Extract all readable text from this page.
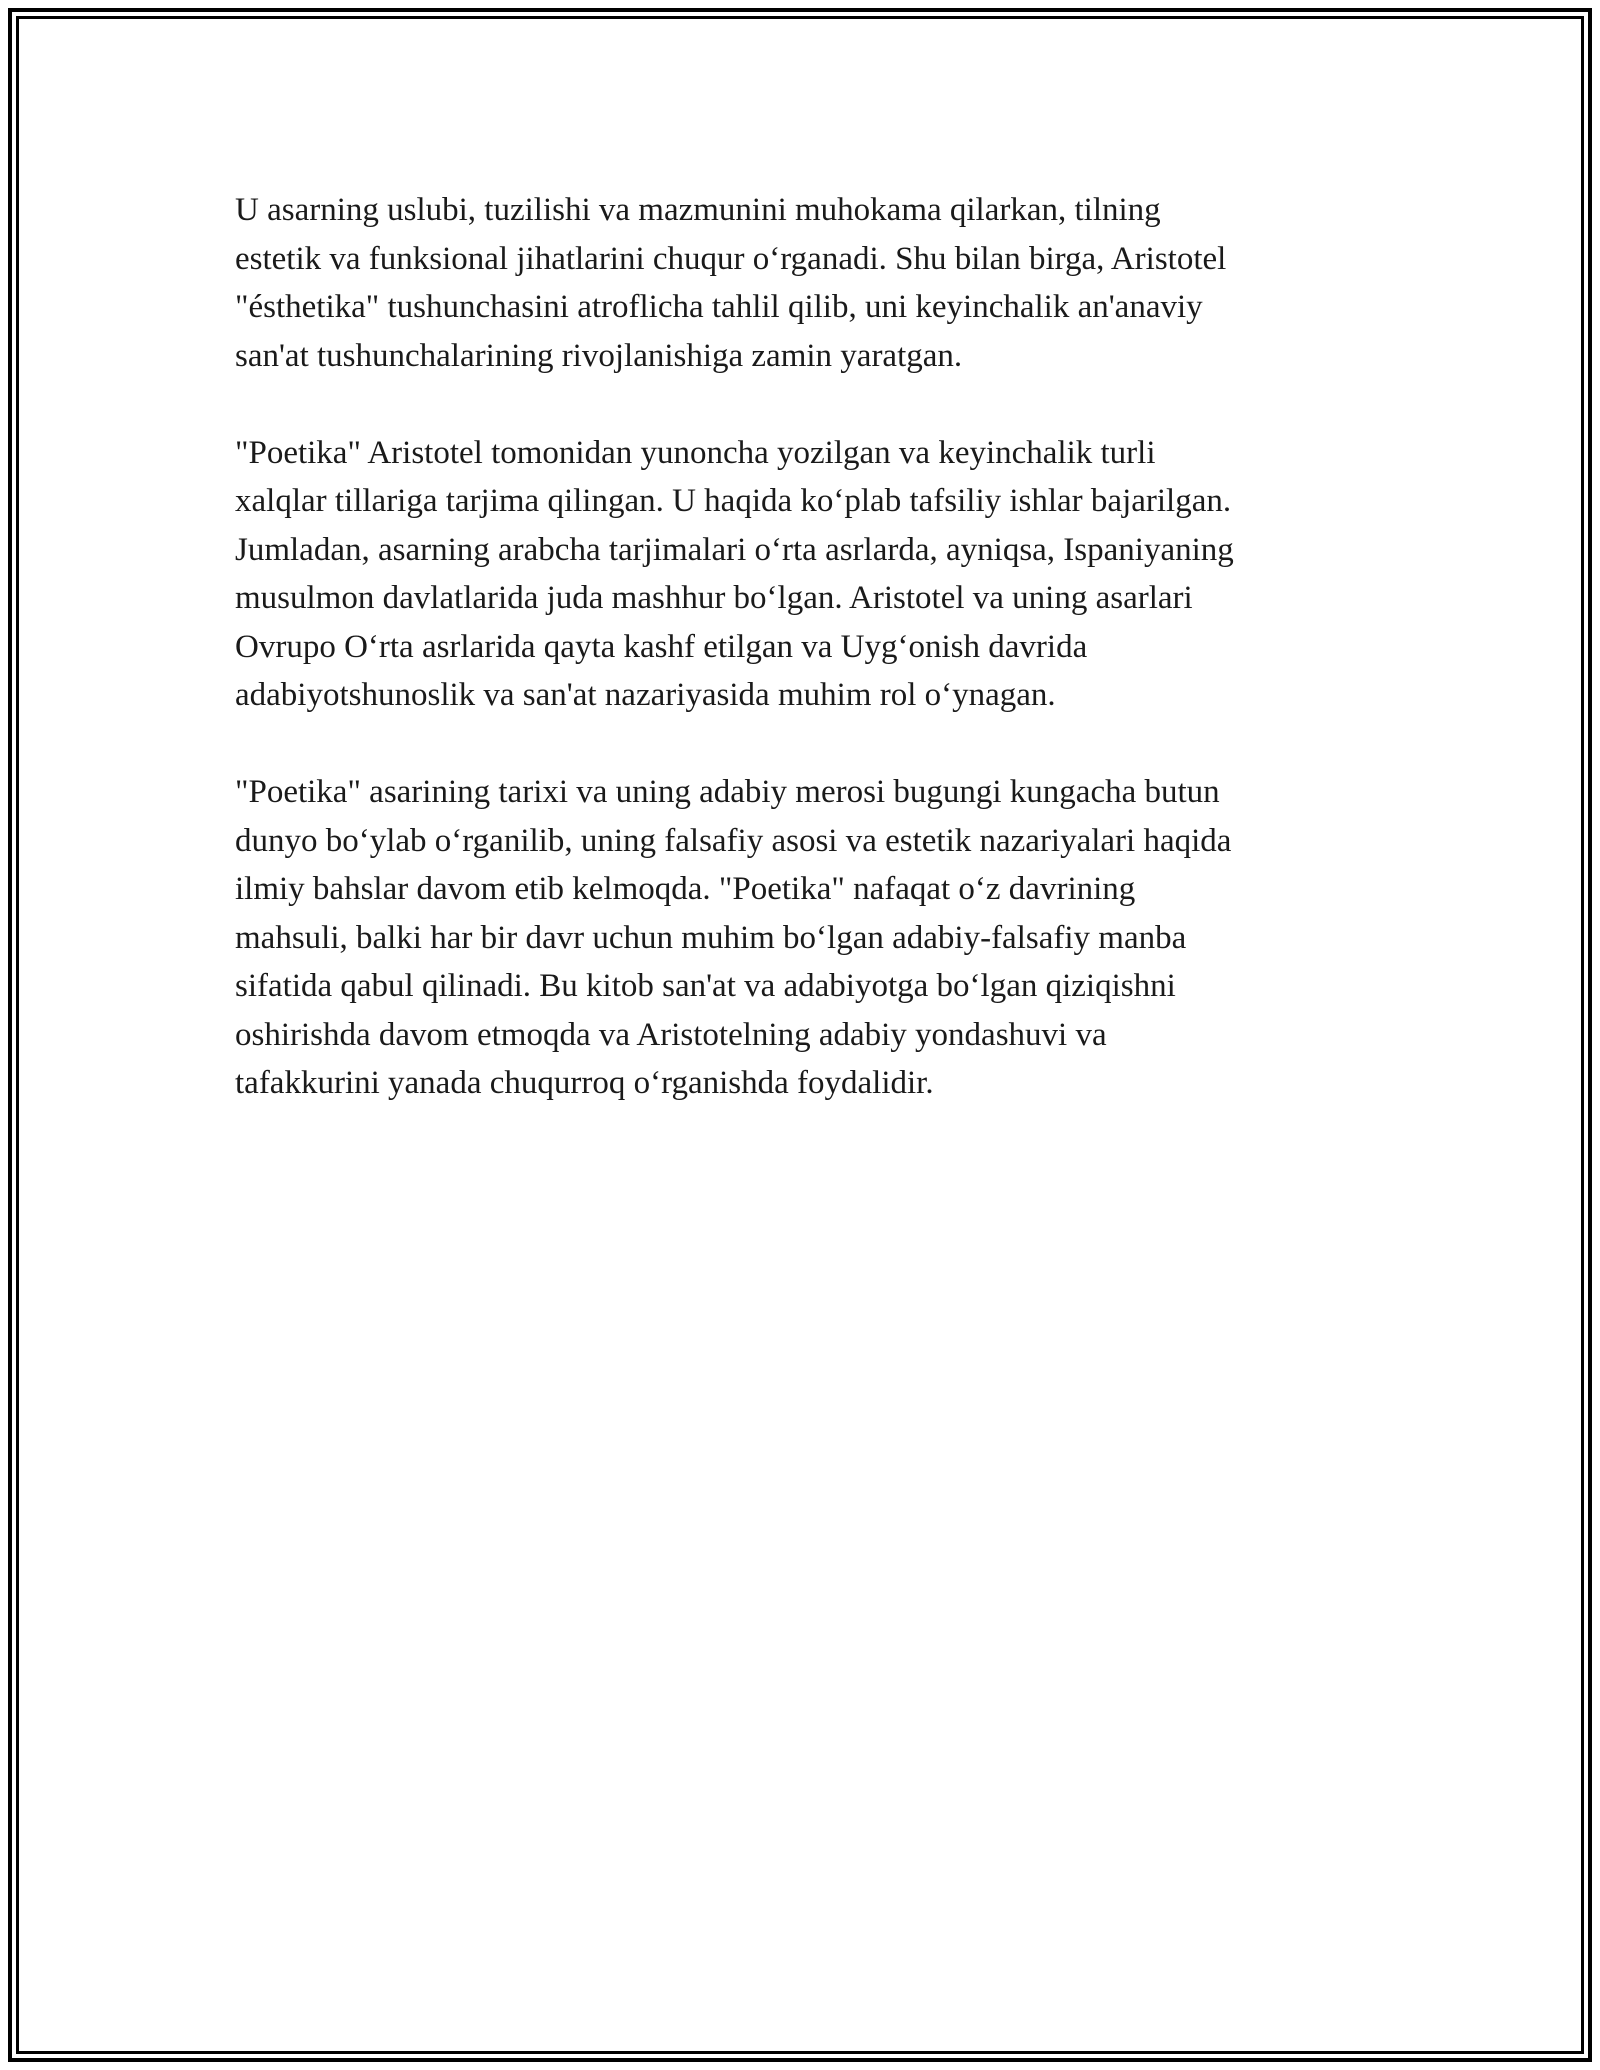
U asarning uslubi, tuzilishi va mazmunini muhokama qilarkan, tilning
estetik va funksional jihatlarini chuqur o‘rganadi. Shu bilan birga, Aristotel
"ésthetika" tushunchasini atroflicha tahlil qilib, uni keyinchalik an'anaviy
san'at tushunchalarining rivojlanishiga zamin yaratgan.

"Poetika" Aristotel tomonidan yunoncha yozilgan va keyinchalik turli
xalqlar tillariga tarjima qilingan. U haqida ko‘plab tafsiliy ishlar bajarilgan.
Jumladan, asarning arabcha tarjimalari o‘rta asrlarda, ayniqsa, Ispaniyaning
musulmon davlatlarida juda mashhur bo‘lgan. Aristotel va uning asarlari
Ovrupo O‘rta asrlarida qayta kashf etilgan va Uyg‘onish davrida
adabiyotshunoslik va san'at nazariyasida muhim rol o‘ynagan.

"Poetika" asarining tarixi va uning adabiy merosi bugungi kungacha butun
dunyo bo‘ylab o‘rganilib, uning falsafiy asosi va estetik nazariyalari haqida
ilmiy bahslar davom etib kelmoqda. "Poetika" nafaqat o‘z davrining
mahsuli, balki har bir davr uchun muhim bo‘lgan adabiy-falsafiy manba
sifatida qabul qilinadi. Bu kitob san'at va adabiyotga bo‘lgan qiziqishni
oshirishda davom etmoqda va Aristotelning adabiy yondashuvi va
tafakkurini yanada chuqurroq o‘rganishda foydalidir.
